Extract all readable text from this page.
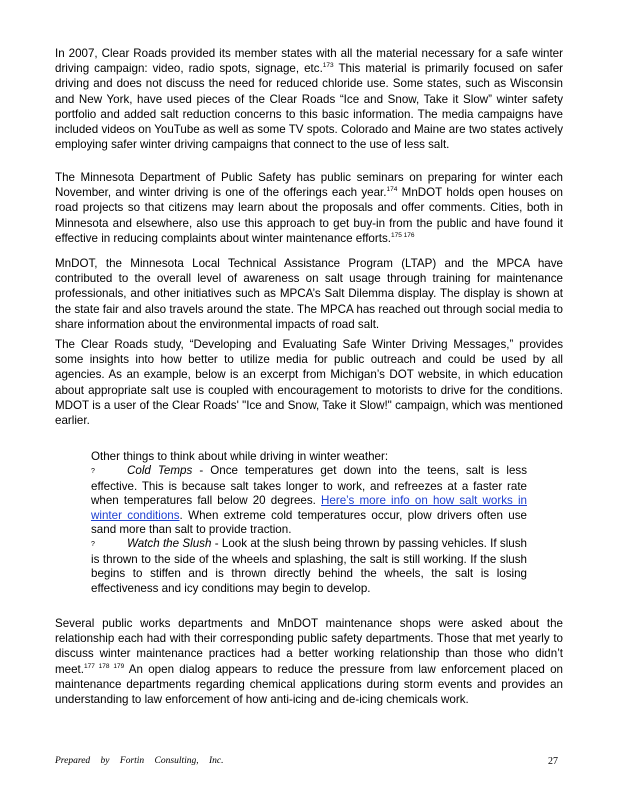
In 2007, Clear Roads provided its member states with all the material necessary for a safe winter driving campaign: video, radio spots, signage, etc.$^{173}$ This material is primarily focused on safer driving and does not discuss the need for reduced chloride use. Some states, such as Wisconsin and New York, have used pieces of the Clear Roads “Ice and Snow, Take it Slow” winter safety portfolio and added salt reduction concerns to this basic information. The media campaigns have included videos on YouTube as well as some TV spots. Colorado and Maine are two states actively employing safer winter driving campaigns that connect to the use of less salt.

The Minnesota Department of Public Safety has public seminars on preparing for winter each November, and winter driving is one of the offerings each year.$^{174}$ MnDOT holds open houses on road projects so that citizens may learn about the proposals and offer comments. Cities, both in Minnesota and elsewhere, also use this approach to get buy-in from the public and have found it effective in reducing complaints about winter maintenance efforts.$^{175 176}$

MnDOT, the Minnesota Local Technical Assistance Program (LTAP) and the MPCA have contributed to the overall level of awareness on salt usage through training for maintenance professionals, and other initiatives such as MPCA’s Salt Dilemma display. The display is shown at the state fair and also travels around the state. The MPCA has reached out through social media to share information about the environmental impacts of road salt.

The Clear Roads study, “Developing and Evaluating Safe Winter Driving Messages,” provides some insights into how better to utilize media for public outreach and could be used by all agencies. As an example, below is an excerpt from Michigan’s DOT website, in which education about appropriate salt use is coupled with encouragement to motorists to drive for the conditions. MDOT is a user of the Clear Roads' "Ice and Snow, Take it Slow!" campaign, which was mentioned earlier.

Other things to think about while driving in winter weather:

?	Cold Temps - Once temperatures get down into the teens, salt is less effective. This is because salt takes longer to work, and refreezes at a faster rate when temperatures fall below 20 degrees. Here’s more info on how salt works in winter conditions. When extreme cold temperatures occur, plow drivers often use sand more than salt to provide traction.

?	Watch the Slush - Look at the slush being thrown by passing vehicles. If slush is thrown to the side of the wheels and splashing, the salt is still working. If the slush begins to stiffen and is thrown directly behind the wheels, the salt is losing effectiveness and icy conditions may begin to develop.

Several public works departments and MnDOT maintenance shops were asked about the relationship each had with their corresponding public safety departments. Those that met yearly to discuss winter maintenance practices had a better working relationship than those who didn’t meet.$^{177 178 179}$ An open dialog appears to reduce the pressure from law enforcement placed on maintenance departments regarding chemical applications during storm events and provides an understanding to law enforcement of how anti-icing and de-icing chemicals work.

Prepared by Fortin Consulting, Inc.	27
